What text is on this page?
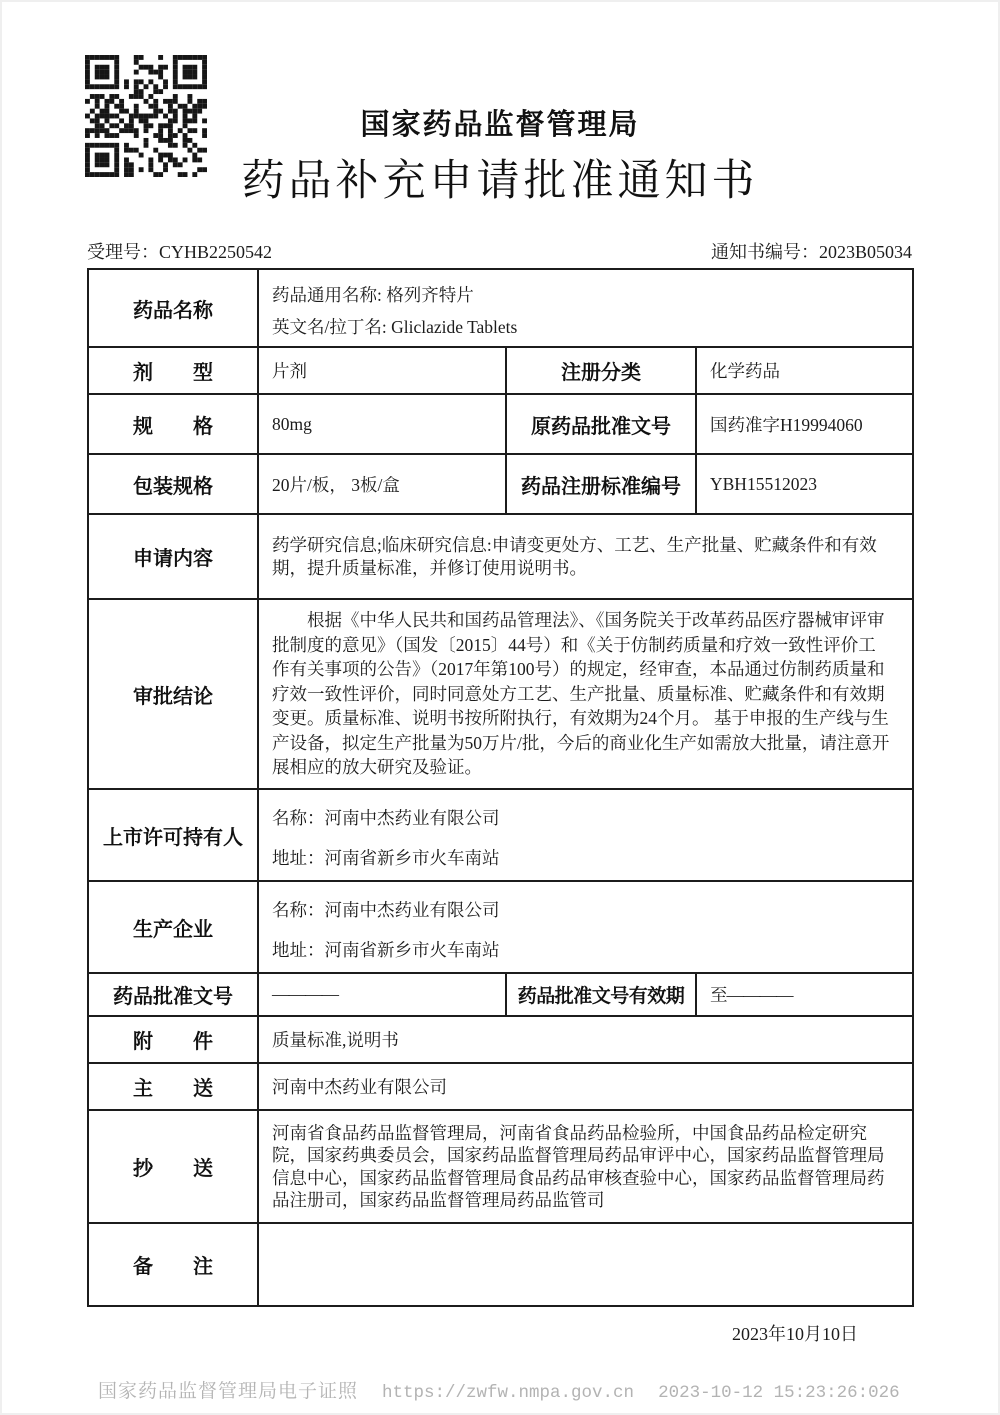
国家药品监督管理局
药品补充申请批准通知书
受理号：CYHB2250542	通知书编号：2023B05034
药品名称	药品通用名称: 格列齐特片
英文名/拉丁名: Gliclazide Tablets		

剂　　型	片剂	注册分类	化学药品
规　　格	80mg	原药品批准文号	国药准字H19994060
包装规格	20片/板， 3板/盒	药品注册标准编号	YBH15512023
申请内容	药学研究信息;临床研究信息:申请变更处方、工艺、生产批量、贮藏条件和有效期，提升质量标准，并修订使用说明书。		
审批结论	根据《中华人民共和国药品管理法》、《国务院关于改革药品医疗器械审评审批制度的意见》（国发〔2015〕44号）和《关于仿制药质量和疗效一致性评价工作有关事项的公告》（2017年第100号）的规定，经审查，本品通过仿制药质量和疗效一致性评价，同时同意处方工艺、生产批量、质量标准、贮藏条件和有效期变更。质量标准、说明书按所附执行，有效期为24个月。 基于申报的生产线与生产设备，拟定生产批量为50万片/批，今后的商业化生产如需放大批量，请注意开展相应的放大研究及验证。		

上市许可持有人	名称：河南中杰药业有限公司
地址：河南省新乡市火车南站		

生产企业	名称：河南中杰药业有限公司
地址：河南省新乡市火车南站		

药品批准文号	————	药品批准文号有效期	至————
附　　件	质量标准,说明书		
主　　送	河南中杰药业有限公司		
抄　　送	河南省食品药品监督管理局，河南省食品药品检验所，中国食品药品检定研究院，国家药典委员会，国家药品监督管理局药品审评中心，国家药品监督管理局信息中心，国家药品监督管理局食品药品审核查验中心，国家药品监督管理局药品注册司，国家药品监督管理局药品监管司		
备　　注			
2023年10月10日
国家药品监督管理局电子证照 https://zwfw.nmpa.gov.cn 2023-10-12 15:23:26:026
